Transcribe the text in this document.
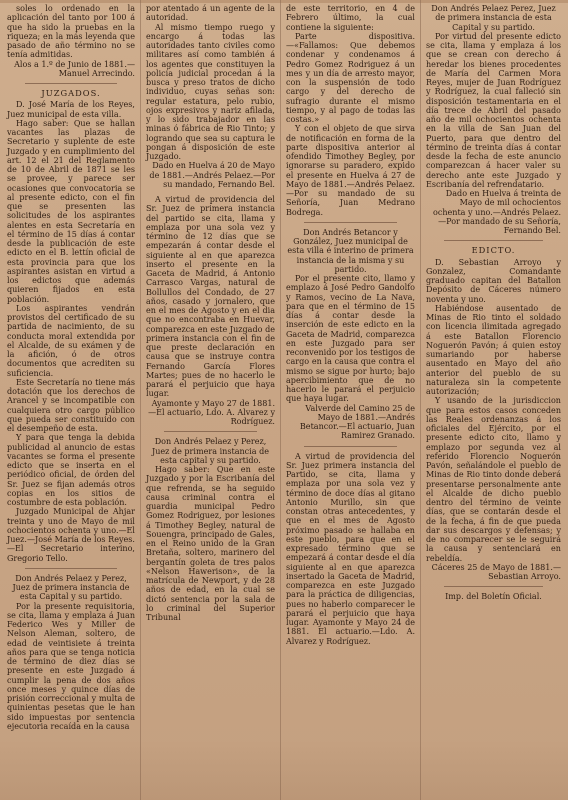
soles lo ordenado en la aplicación del tanto por 100 á que ha sido la pruebas en la riqueza; en la más leyenda que pasado de año término no se tenía admitidas.

Alos a 1.º de Junio de 1881.—Manuel Arrecindo.

JUZGADOS.

D. José María de los Reyes, Juez municipal de esta villa.

Hago saber: Que se hallan vacantes las plazas de Secretario y suplente de este Juzgado y en cumplimiento del art. 12 el 21 del Reglamento de 10 de Abril de 1871 se les se provee, y parece ser ocasiones que convocatoria se al presente edicto, con el fin que se presenten las solicitudes de los aspirantes alentes en esta Secretaría en el término de 15 días á contar desde la publicación de este edicto en el B. lettín oficial de esta provincia para que los aspirantes asistan en virtud a los edictos que además quieren fijados en esta población.

Los aspirantes vendrán provistos del certificado de su partida de nacimiento, de su conducta moral extendida por el Alcalde, de su exámen y de la afición, ó de otros documentos que acrediten su suficiencia.

Este Secretaría no tiene más dotación que los derechos de Arancel y se incompatible con cualquiera otro cargo público que pueda ser constituido con el desempeño de esta.

Y para que tenga la debida publicidad al anuncio de estas vacantes se forma el presente edicto que se inserta en el periódico oficial, de órden del Sr. Juez se fijan además otros copias en los sitios de costumbre de esta población.

Juzgado Municipal de Ahjar treinta y uno de Mayo de mil ochocientos ochenta y uno.—El Juez.—José María de los Reyes.—El Secretario interino, Gregorio Tello.

Don Andrés Pelaez y Perez, Juez de primera instancia de esta Capital y su partido.

Por la presente requisitoria, se cita, llama y emplaza á Juan Federico Wes y Miller de Nelson Aleman, soltero, de edad de veintisiete á treinta años para que se tenga noticia de término de diez días se presente en este Juzgado á cumplir la pena de dos años once meses y quince días de prisión correccional y multa de quinientas pesetas que le han sido impuestas por sentencia ejecutoria recaída en la causa

por atentado á un agente de la autoridad.

Al mismo tiempo ruego y encargo á todas las autoridades tanto civiles como militares así como también á los agentes que constituyen la policía judicial procedan á la busca y preso tratos de dicho individuo, cuyas señas son: regular estatura, pelo rubio, ojos expresivos y nariz afilada, y lo sido trabajador en las minas ó fábrica de Rio Tinto; y logrando que sea su captura le pongan á disposición de este Juzgado.

Dado en Huelva á 20 de Mayo de 1881.—Andrés Pelaez.—Por su mandado, Fernando Bel.

A virtud de providencia del Sr. Juez de primera instancia del partido se cita, llama y emplaza por una sola vez y término de 12 días que se empezarán á contar desde el siguiente al en que aparezca inserto el presente en la Gaceta de Madrid, á Antonio Carrasco Vargas, natural de Bollullos del Condado, de 27 años, casado y jornalero, que en el mes de Agosto y en el dia que no encontraba en Huevar, comparezca en este Juzgado de primera instancia con el fin de que preste declaración en causa que se instruye contra Fernando García Flores Martes; pues de no hacerlo le parará el perjuicio que haya lugar.

Ayamonte y Mayo 27 de 1881.—El actuario, Ldo. A. Alvarez y Rodríguez.

Don Andrés Pelaez y Perez, Juez de primera instancia de esta capital y su partido.

Hago saber: Que en este Juzgado y por la Escribanía del que refrenda, se ha seguido causa criminal contra el guardia municipal Pedro Gomez Rodriguez, por lesiones á Timothey Begley, natural de Souengra, principado de Gales, en el Reino unido de la Gran Bretaña, soltero, marinero del bergantín goleta de tres palos «Nelson Hawerison», de la matrícula de Newport, y de 28 años de edad, en la cual se dictó sentencia por la sala de lo criminal del Superior Tribunal

de este territorio, en 4 de Febrero último, la cual contiene la siguiente:

Parte dispositiva.—«Fallamos: Que debemos condenar y condenamos á Pedro Gomez Rodriguez á un mes y un día de arresto mayor, con la suspensión de todo cargo y del derecho de sufragio durante el mismo tiempo, y al pago de todas las costas.»

Y con el objeto de que sirva de notificación en forma de la parte dispositiva anterior al ofendido Timothey Begley, por ignorarse su paradero, expido el presente en Huelva á 27 de Mayo de 1881.—Andrés Pelaez.—Por su mandado de su Señoría, Juan Medrano Bodrega.

Don Andrés Betancor y González, Juez municipal de esta villa é interino de primera instancia de la misma y su partido.

Por el presente cito, llamo y emplazo á José Pedro Gandolfo y Ramos, vecino de La Nava, para que en el término de 15 días á contar desde la inserción de este edicto en la Gaceta de Madrid, comparezca en este Juzgado para ser reconvenido por los testigos de cargo en la causa que contra el mismo se sigue por hurto; bajo apercibimiento que de no hacerlo le parará el perjuicio que haya lugar.

Valverde del Camino 25 de Mayo de 1881.—Andrés Betancor.—El actuario, Juan Ramirez Granado.

A virtud de providencia del Sr. Juez primera instancia del Partido, se cita, llama y emplaza por una sola vez y término de doce días al gitano Antonio Murillo, sin que constan otras antecedentes, y que en el mes de Agosto próximo pasado se hallaba en este pueblo, para que en el expresado término que se empezará á contar desde el día siguiente al en que aparezca insertado la Gaceta de Madrid, comparezca en este Juzgado para la práctica de diligencias, pues no haberlo comparecer le parará el perjuicio que haya lugar. Ayamonte y Mayo 24 de 1881. El actuario.—Ldo. A. Alvarez y Rodríguez.

Don Andrés Pelaez Perez, Juez de primera instancia de esta Capital y su partido.

Por virtud del presente edicto se cita, llama y emplaza á los que se crean con derecho á heredar los bienes procedentes de María del Carmen Mora Reyes, mujer de Juan Rodríguez y Rodríguez, la cual falleció sin disposición testamentaria en el día trece de Abril del pasado año de mil ochocientos ochenta en la villa de San Juan del Puerto, para que dentro del término de treinta días á contar desde la fecha de este anuncio comparezcan á hacer valer su derecho ante este Juzgado y Escribanía del refrendatario.

Dado en Huelva á treinta de Mayo de mil ochocientos ochenta y uno.—Andrés Pelaez.—Por mandado de su Señoría, Fernando Bel.

EDICTO.

D. Sebastian Arroyo y Gonzalez, Comandante graduado capitan del Batallon Depósito de Cáceres número noventa y uno.

Habiéndose ausentado de Minas de Rio tinto el soldado con licencia ilimitada agregado á este Batallon Florencio Noguerón Pavón; á quien estoy sumariando por haberse ausentado en Mayo del año anterior del pueblo de su naturaleza sin la competente autorización;

Y usando de la jurisdiccion que para estos casos conceden las Reales ordenanzas á los oficiales del Ejército, por el presente edicto cito, llamo y emplazo por segunda vez al referido Florencio Noguerón Pavón, señalándole el pueblo de Minas de Rio tinto donde deberá presentarse personalmente ante el Alcalde de dicho pueblo dentro del término de veinte días, que se contarán desde el de la fecha, á fin de que pueda dar sus descargos y defensas; y de no comparecer se le seguirá la causa y sentenciará en rebeldía.

Cáceres 25 de Mayo de 1881.—Sebastian Arroyo.

Imp. del Boletín Oficial.
